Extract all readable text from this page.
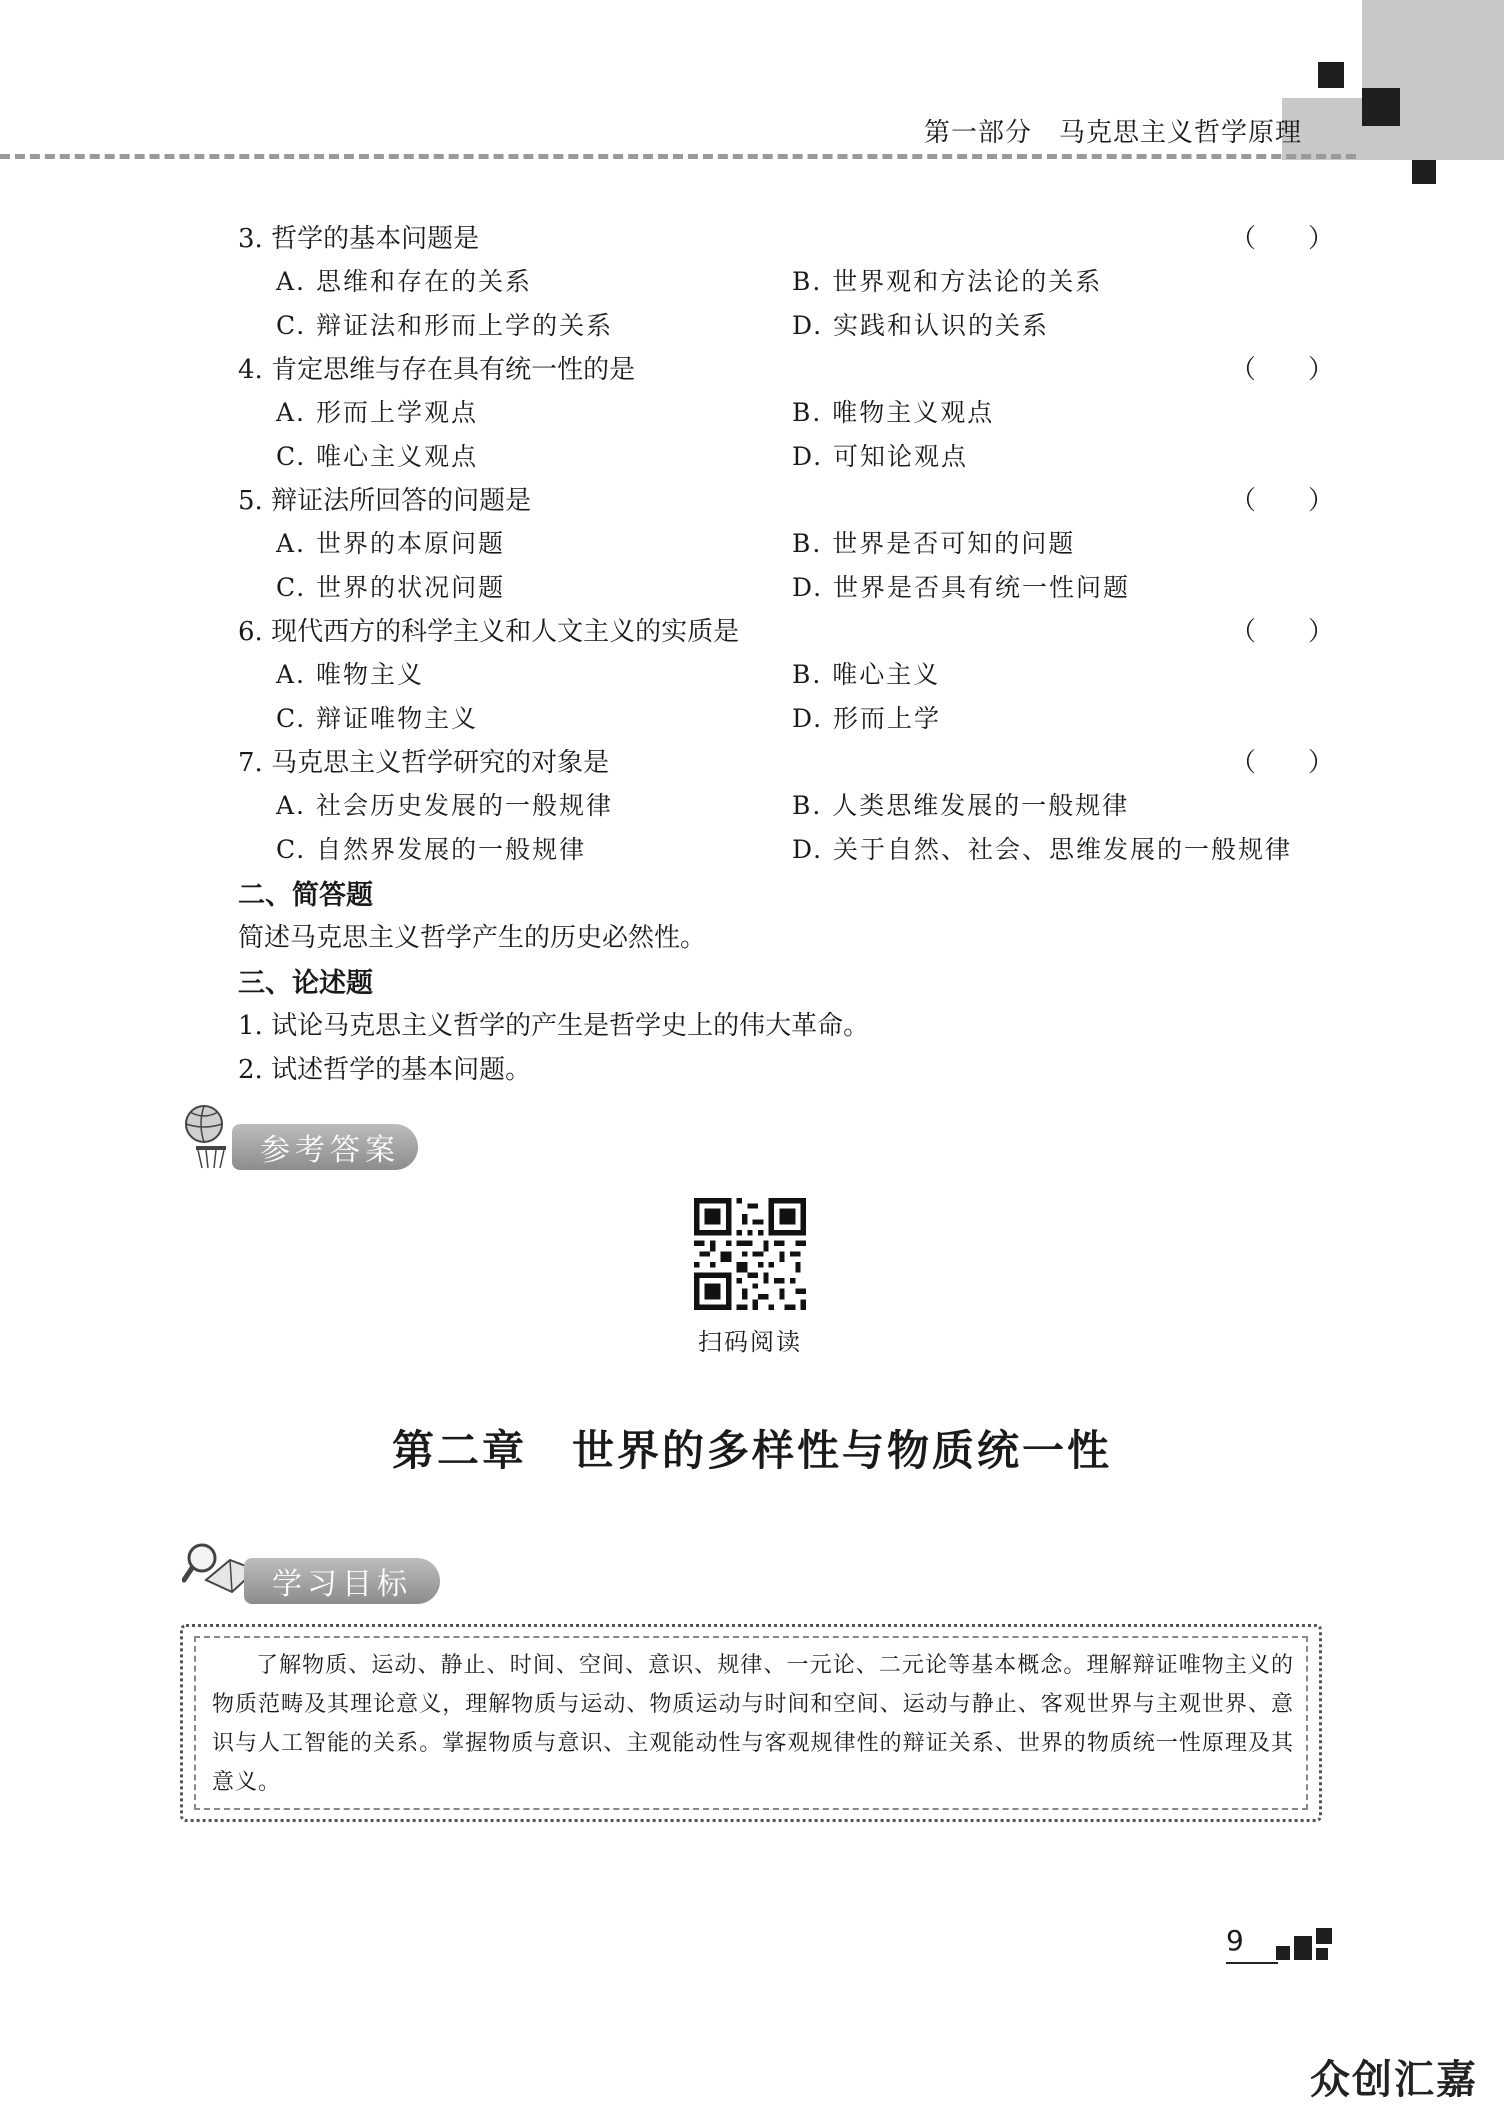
第一部分　马克思主义哲学原理
3. 哲学的基本问题是	（　　）
A. 思维和存在的关系	B. 世界观和方法论的关系
C. 辩证法和形而上学的关系	D. 实践和认识的关系
4. 肯定思维与存在具有统一性的是	（　　）
A. 形而上学观点	B. 唯物主义观点
C. 唯心主义观点	D. 可知论观点
5. 辩证法所回答的问题是	（　　）
A. 世界的本原问题	B. 世界是否可知的问题
C. 世界的状况问题	D. 世界是否具有统一性问题
6. 现代西方的科学主义和人文主义的实质是	（　　）
A. 唯物主义	B. 唯心主义
C. 辩证唯物主义	D. 形而上学
7. 马克思主义哲学研究的对象是	（　　）
A. 社会历史发展的一般规律	B. 人类思维发展的一般规律
C. 自然界发展的一般规律	D. 关于自然、社会、思维发展的一般规律
二、简答题
简述马克思主义哲学产生的历史必然性。
三、论述题
1. 试论马克思主义哲学的产生是哲学史上的伟大革命。
2. 试述哲学的基本问题。
参考答案
扫码阅读
第二章　世界的多样性与物质统一性
学习目标
了解物质、运动、静止、时间、空间、意识、规律、一元论、二元论等基本概念。理解辩证唯物主义的物质范畴及其理论意义，理解物质与运动、物质运动与时间和空间、运动与静止、客观世界与主观世界、意识与人工智能的关系。掌握物质与意识、主观能动性与客观规律性的辩证关系、世界的物质统一性原理及其意义。
9
众创汇嘉
